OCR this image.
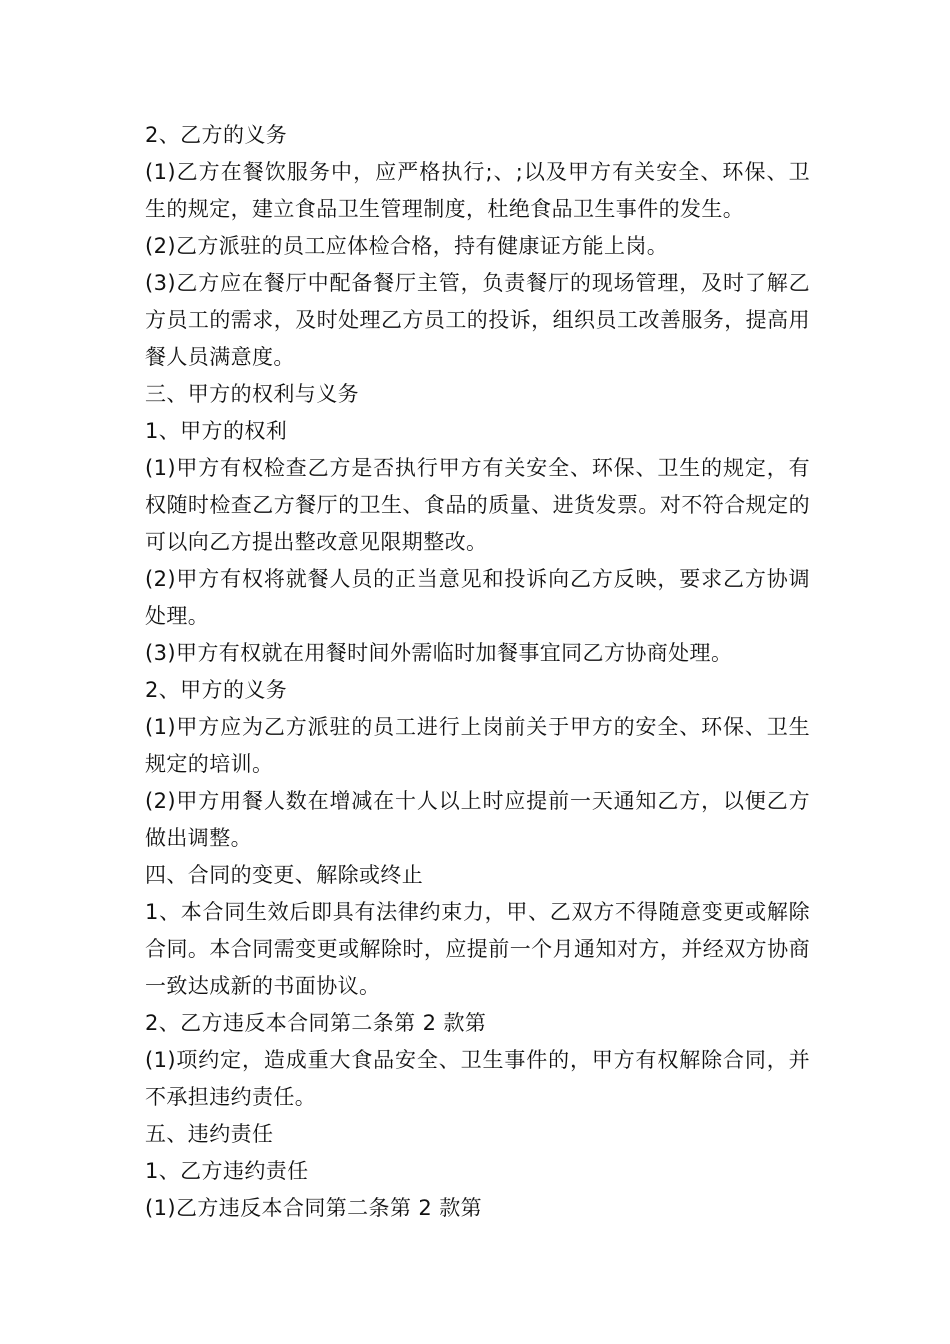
2、乙方的义务

(1)乙方在餐饮服务中，应严格执行;、;以及甲方有关安全、环保、卫生的规定，建立食品卫生管理制度，杜绝食品卫生事件的发生。

(2)乙方派驻的员工应体检合格，持有健康证方能上岗。

(3)乙方应在餐厅中配备餐厅主管，负责餐厅的现场管理，及时了解乙方员工的需求，及时处理乙方员工的投诉，组织员工改善服务，提高用餐人员满意度。

三、甲方的权利与义务

1、甲方的权利

(1)甲方有权检查乙方是否执行甲方有关安全、环保、卫生的规定，有权随时检查乙方餐厅的卫生、食品的质量、进货发票。对不符合规定的可以向乙方提出整改意见限期整改。

(2)甲方有权将就餐人员的正当意见和投诉向乙方反映，要求乙方协调处理。

(3)甲方有权就在用餐时间外需临时加餐事宜同乙方协商处理。

2、甲方的义务

(1)甲方应为乙方派驻的员工进行上岗前关于甲方的安全、环保、卫生规定的培训。

(2)甲方用餐人数在增减在十人以上时应提前一天通知乙方，以便乙方做出调整。

四、合同的变更、解除或终止

1、本合同生效后即具有法律约束力，甲、乙双方不得随意变更或解除合同。本合同需变更或解除时，应提前一个月通知对方，并经双方协商一致达成新的书面协议。

2、乙方违反本合同第二条第 2 款第

(1)项约定，造成重大食品安全、卫生事件的，甲方有权解除合同，并不承担违约责任。

五、违约责任

1、乙方违约责任

(1)乙方违反本合同第二条第 2 款第
